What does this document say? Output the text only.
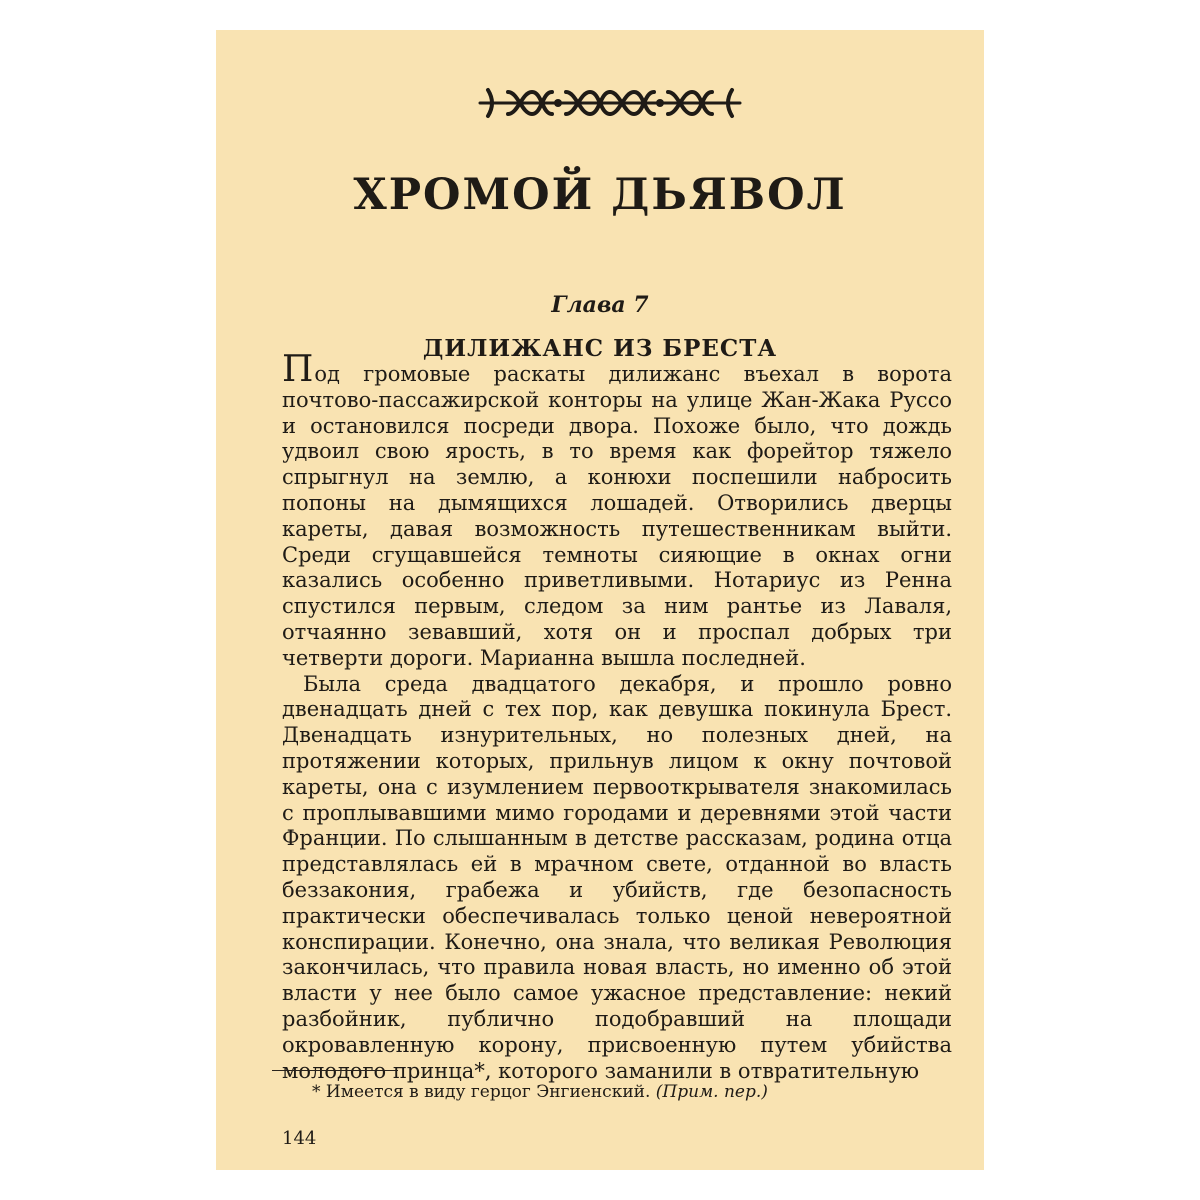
ХРОМОЙ ДЬЯВОЛ
Глава 7
ДИЛИЖАНС ИЗ БРЕСТА

Под громовые раскаты дилижанс въехал в ворота почтово-пассажирской конторы на улице Жан-Жака Руссо и остановился посреди двора. Похоже было, что дождь удвоил свою ярость, в то время как форейтор тяжело спрыгнул на землю, а конюхи поспешили набросить попоны на дымящихся лошадей. Отворились дверцы кареты, давая возможность путешественникам выйти. Среди сгущавшейся темноты сияющие в окнах огни казались особенно приветливыми. Нотариус из Ренна спустился первым, следом за ним рантье из Лаваля, отчаянно зевавший, хотя он и проспал добрых три четверти дороги. Марианна вышла последней.

Была среда двадцатого декабря, и прошло ровно двенадцать дней с тех пор, как девушка покинула Брест. Двенадцать изнурительных, но полезных дней, на протяжении которых, прильнув лицом к окну почтовой кареты, она с изумлением первооткрывателя знакомилась с проплывавшими мимо городами и деревнями этой части Франции. По слышанным в детстве рассказам, родина отца представлялась ей в мрачном свете, отданной во власть беззакония, грабежа и убийств, где безопасность практически обеспечивалась только ценой невероятной конспирации. Конечно, она знала, что великая Революция закончилась, что правила новая власть, но именно об этой власти у нее было самое ужасное представление: некий разбойник, публично подобравший на площади окровавленную корону, присвоенную путем убийства молодого принца*, которого заманили в отвратительную

* Имеется в виду герцог Энгиенский. (Прим. пер.)
144
